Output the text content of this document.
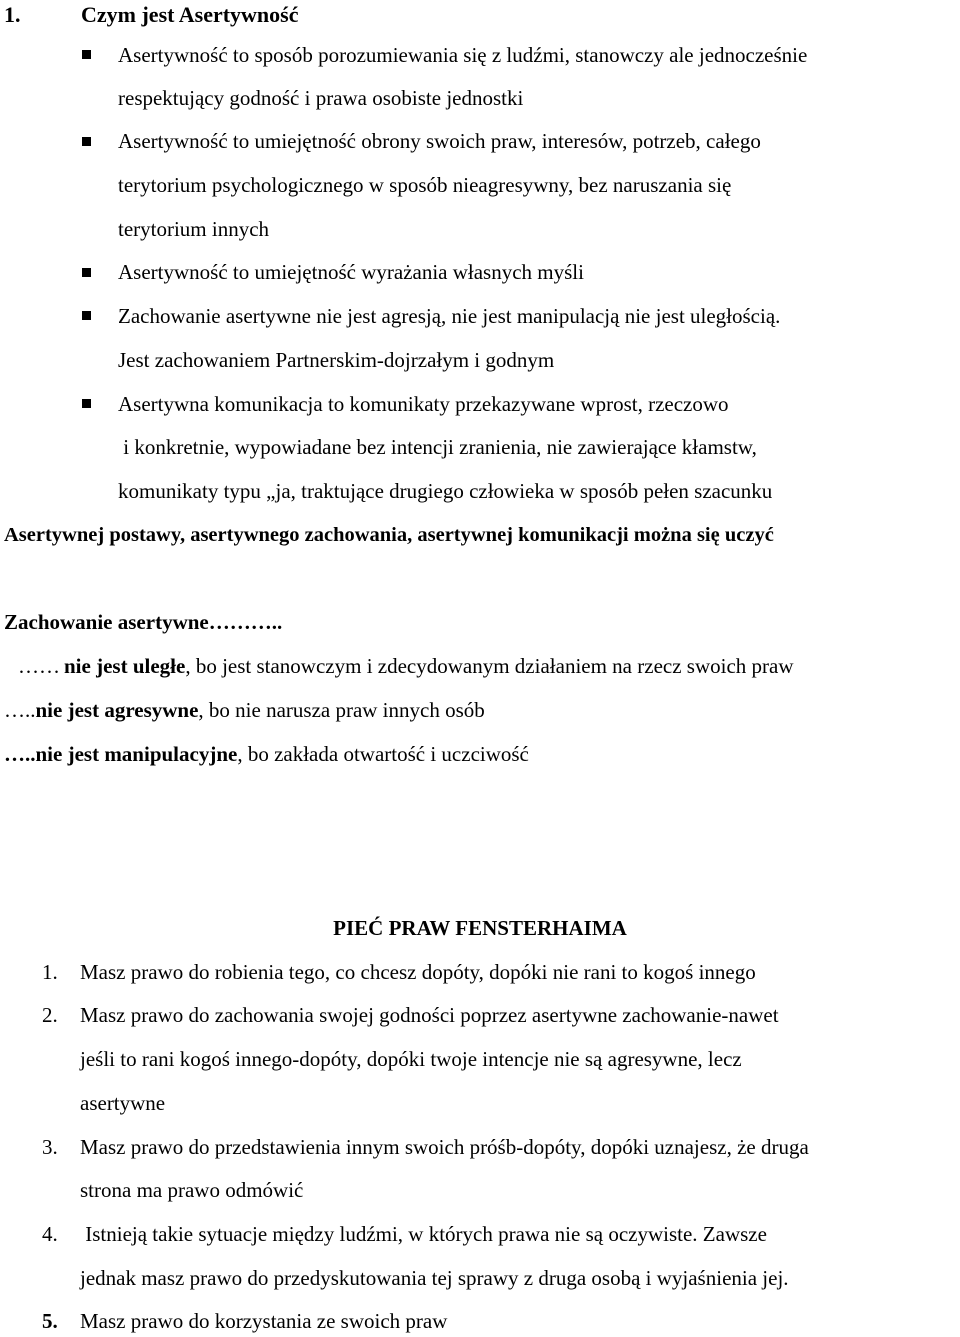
1.	Czym jest Asertywność
Asertywność to sposób porozumiewania się z ludźmi, stanowczy ale jednocześnie
respektujący godność i prawa osobiste jednostki
Asertywność to umiejętność obrony swoich praw, interesów, potrzeb, całego
terytorium psychologicznego w sposób nieagresywny, bez naruszania się
terytorium innych
Asertywność to umiejętność wyrażania własnych myśli
Zachowanie asertywne nie jest agresją, nie jest manipulacją nie jest uległością.
Jest zachowaniem Partnerskim-dojrzałym i godnym
Asertywna komunikacja to komunikaty przekazywane wprost, rzeczowo
i konkretnie, wypowiadane bez intencji zranienia, nie zawierające kłamstw,
komunikaty typu „ja, traktujące drugiego człowieka w sposób pełen szacunku
Asertywnej postawy, asertywnego zachowania, asertywnej komunikacji można się uczyć
Zachowanie asertywne………..
…… nie jest uległe, bo jest stanowczym i zdecydowanym działaniem na rzecz swoich praw
…..nie jest agresywne, bo nie narusza praw innych osób
…..nie jest manipulacyjne, bo zakłada otwartość i uczciwość
PIEĆ PRAW FENSTERHAIMA
1. Masz prawo do robienia tego, co chcesz dopóty, dopóki nie rani to kogoś innego
2. Masz prawo do zachowania swojej godności poprzez asertywne zachowanie-nawet
jeśli to rani kogoś innego-dopóty, dopóki twoje intencje nie są agresywne, lecz
asertywne
3. Masz prawo do przedstawienia innym swoich próśb-dopóty, dopóki uznajesz, że druga
strona ma prawo odmówić
4. Istnieją takie sytuacje między ludźmi, w których prawa nie są oczywiste. Zawsze
jednak masz prawo do przedyskutowania tej sprawy z druga osobą i wyjaśnienia jej.
5. Masz prawo do korzystania ze swoich praw
